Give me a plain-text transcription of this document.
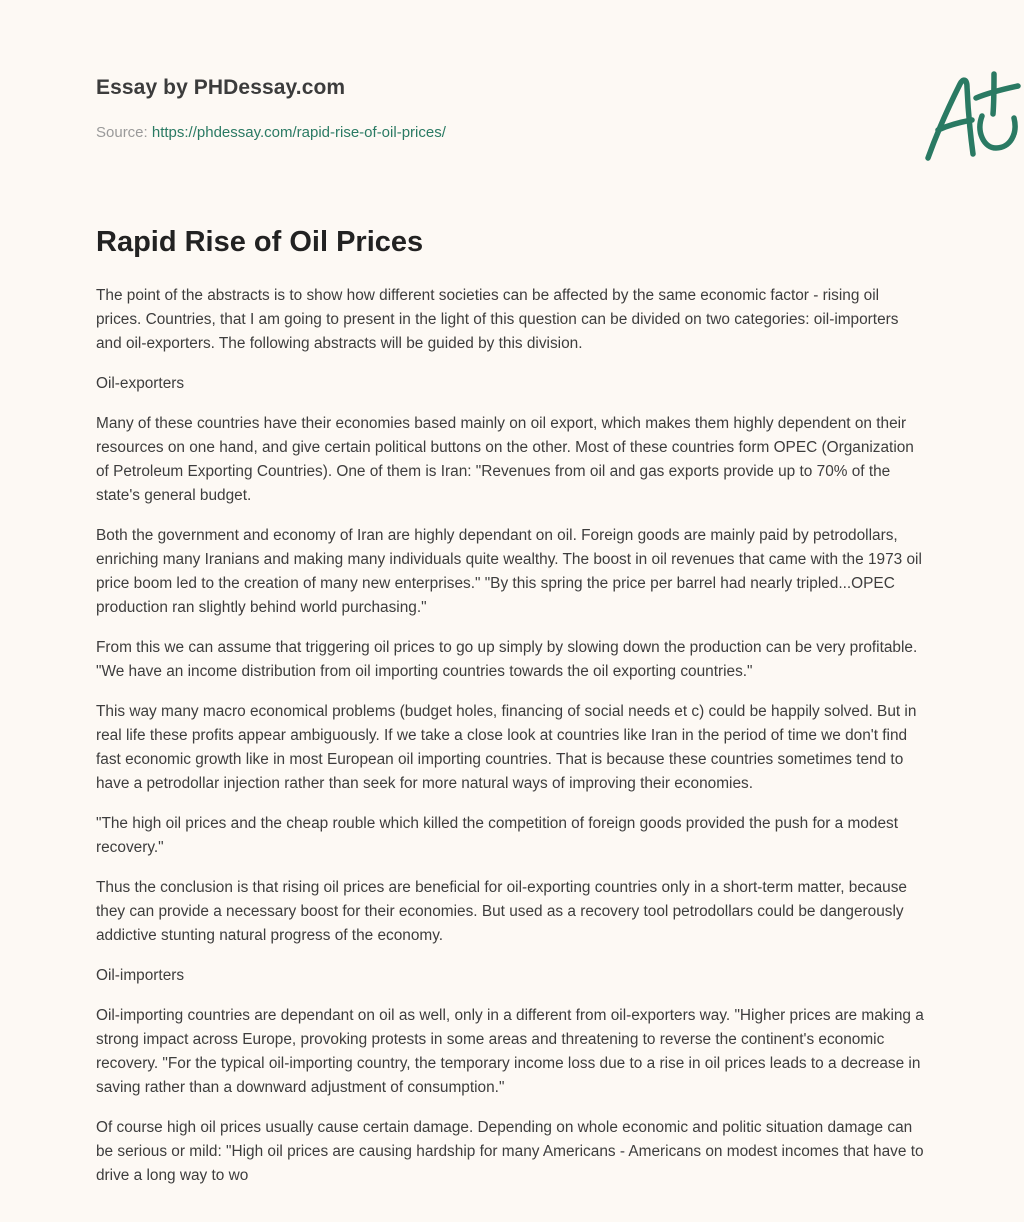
Essay by PHDessay.com

Source: https://phdessay.com/rapid-rise-of-oil-prices/

Rapid Rise of Oil Prices

The point of the abstracts is to show how different societies can be affected by the same economic factor - rising oil prices. Countries, that I am going to present in the light of this question can be divided on two categories: oil-importers and oil-exporters. The following abstracts will be guided by this division.

Oil-exporters

Many of these countries have their economies based mainly on oil export, which makes them highly dependent on their resources on one hand, and give certain political buttons on the other. Most of these countries form OPEC (Organization of Petroleum Exporting Countries). One of them is Iran: "Revenues from oil and gas exports provide up to 70% of the state's general budget.

Both the government and economy of Iran are highly dependant on oil. Foreign goods are mainly paid by petrodollars, enriching many Iranians and making many individuals quite wealthy. The boost in oil revenues that came with the 1973 oil price boom led to the creation of many new enterprises." "By this spring the price per barrel had nearly tripled...OPEC production ran slightly behind world purchasing."

From this we can assume that triggering oil prices to go up simply by slowing down the production can be very profitable. "We have an income distribution from oil importing countries towards the oil exporting countries."

This way many macro economical problems (budget holes, financing of social needs et c) could be happily solved. But in real life these profits appear ambiguously. If we take a close look at countries like Iran in the period of time we don't find fast economic growth like in most European oil importing countries. That is because these countries sometimes tend to have a petrodollar injection rather than seek for more natural ways of improving their economies.

"The high oil prices and the cheap rouble which killed the competition of foreign goods provided the push for a modest recovery."

Thus the conclusion is that rising oil prices are beneficial for oil-exporting countries only in a short-term matter, because they can provide a necessary boost for their economies. But used as a recovery tool petrodollars could be dangerously addictive stunting natural progress of the economy.

Oil-importers

Oil-importing countries are dependant on oil as well, only in a different from oil-exporters way. "Higher prices are making a strong impact across Europe, provoking protests in some areas and threatening to reverse the continent's economic recovery. "For the typical oil-importing country, the temporary income loss due to a rise in oil prices leads to a decrease in saving rather than a downward adjustment of consumption."

Of course high oil prices usually cause certain damage. Depending on whole economic and politic situation damage can be serious or mild: "High oil prices are causing hardship for many Americans - Americans on modest incomes that have to drive a long way to wo
